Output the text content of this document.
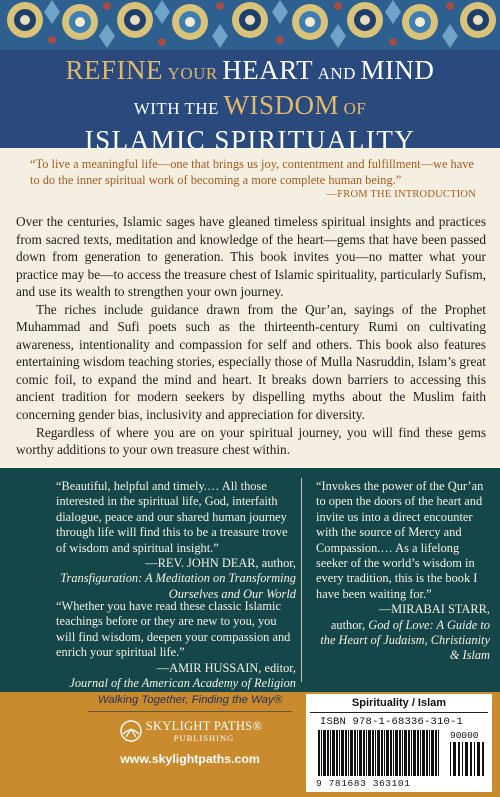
REFINE YOUR HEART AND MIND
WITH THE WISDOM OF
ISLAMIC SPIRITUALITY
“To live a meaningful life—one that brings us joy, contentment and fulfillment—we have to do the inner spiritual work of becoming a more complete human being.”
—FROM THE INTRODUCTION

Over the centuries, Islamic sages have gleaned timeless spiritual insights and practices from sacred texts, meditation and knowledge of the heart—gems that have been passed down from generation to generation. This book invites you—no matter what your practice may be—to access the treasure chest of Islamic spirituality, particularly Sufism, and use its wealth to strengthen your own journey.

The riches include guidance drawn from the Qur’an, sayings of the Prophet Muhammad and Sufi poets such as the thirteenth-century Rumi on cultivating awareness, intentionality and compassion for self and others. This book also features entertaining wisdom teaching stories, especially those of Mulla Nasruddin, Islam’s great comic foil, to expand the mind and heart. It breaks down barriers to accessing this ancient tradition for modern seekers by dispelling myths about the Muslim faith concerning gender bias, inclusivity and appreciation for diversity.

Regardless of where you are on your spiritual journey, you will find these gems worthy additions to your own treasure chest within.

“Beautiful, helpful and timely.… All those interested in the spiritual life, God, interfaith dialogue, peace and our shared human journey through life will find this to be a treasure trove of wisdom and spiritual insight.”
—REV. JOHN DEAR, author,
Transfiguration: A Meditation on Transforming Ourselves and Our World
“Whether you have read these classic Islamic teachings before or they are new to you, you will find wisdom, deepen your compassion and enrich your spiritual life.”
—AMIR HUSSAIN, editor,
Journal of the American Academy of Religion
“Invokes the power of the Qur’an to open the doors of the heart and invite us into a direct encounter with the source of Mercy and Compassion.… As a lifelong seeker of the world’s wisdom in every tradition, this is the book I have been waiting for.”
—MIRABAI STARR,
author, God of Love: A Guide to the Heart of Judaism, Christianity & Islam
Walking Together, Finding the Way®
SKYLIGHT PATHS®
PUBLISHING
www.skylightpaths.com
Spirituality / Islam
ISBN 978-1-68336-310-1
90000
9 781683 363101
